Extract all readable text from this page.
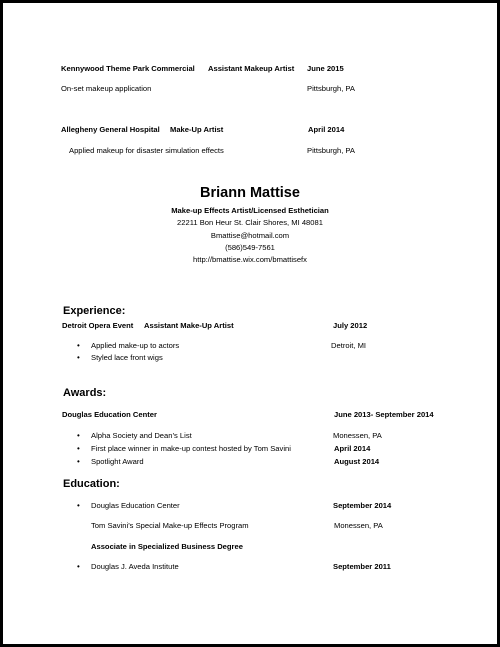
Kennywood Theme Park Commercial Assistant Makeup Artist June 2015
On-set makeup application	Pittsburgh, PA
Allegheny General Hospital Make-Up Artist	April 2014
Applied makeup for disaster simulation effects	Pittsburgh, PA
Briann Mattise
Make-up Effects Artist/Licensed Esthetician
22211 Bon Heur St. Clair Shores, MI 48081
Bmattise@hotmail.com
(586)549-7561
http://bmattise.wix.com/bmattisefx
Experience:
Detroit Opera Event Assistant Make-Up Artist	July 2012
• Applied make-up to actors	Detroit, MI
• Styled lace front wigs
Awards:
Douglas Education Center	June 2013- September 2014
• Alpha Society and Dean’s List	Monessen, PA
• First place winner in make-up contest hosted by Tom Savini	April 2014
• Spotlight Award	August 2014
Education:
• Douglas Education Center	September 2014
Tom Savini’s Special Make-up Effects Program	Monessen, PA
Associate in Specialized Business Degree
• Douglas J. Aveda Institute	September 2011
